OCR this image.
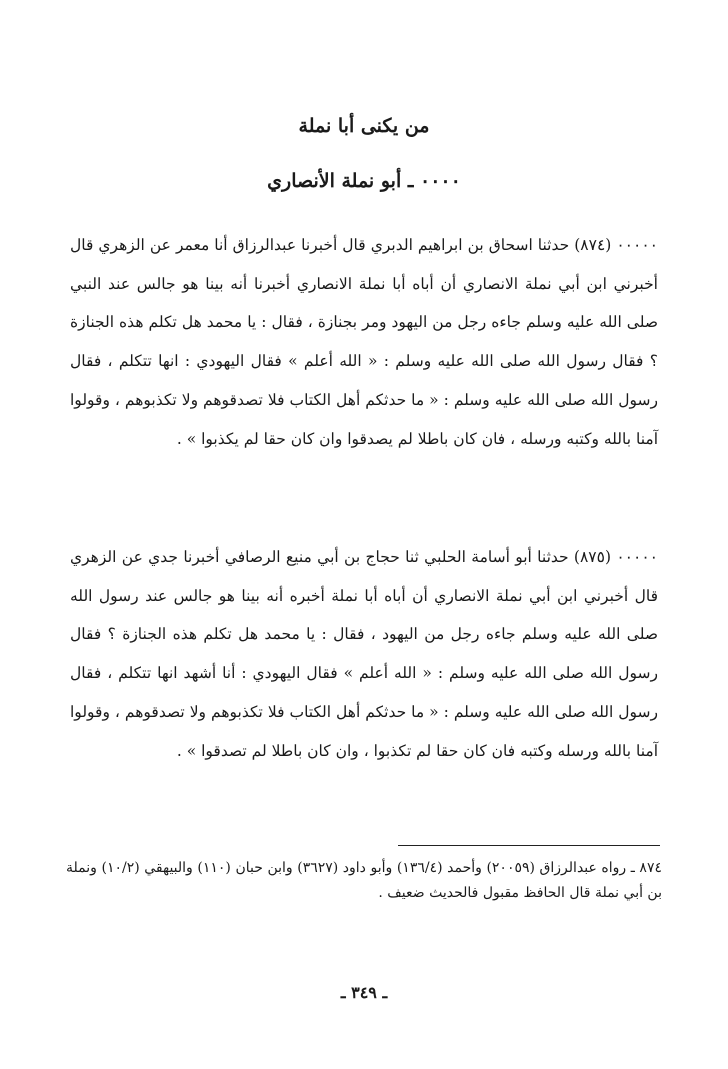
من يكنى أبا نملة
٠٠٠٠ ـ أبو نملة الأنصاري

٠٠٠٠٠ (٨٧٤) حدثنا اسحاق بن ابراهيم الدبري قال أخبرنا عبدالرزاق أنا معمر عن الزهري قال أخبرني ابن أبي نملة الانصاري أن أباه أبا نملة الانصاري أخبرنا أنه بينا هو جالس عند النبي صلى الله عليه وسلم جاءه رجل من اليهود ومر بجنازة ، فقال : يا محمد هل تكلم هذه الجنازة ؟ فقال رسول الله صلى الله عليه وسلم : « الله أعلم » فقال اليهودي : انها تتكلم ، فقال رسول الله صلى الله عليه وسلم : « ما حدثكم أهل الكتاب فلا تصدقوهم ولا تكذبوهم ، وقولوا آمنا بالله وكتبه ورسله ، فان كان باطلا لم يصدقوا وان كان حقا لم يكذبوا » .

٠٠٠٠٠ (٨٧٥) حدثنا أبو أسامة الحلبي ثنا حجاج بن أبي منيع الرصافي أخبرنا جدي عن الزهري قال أخبرني ابن أبي نملة الانصاري أن أباه أبا نملة أخبره أنه بينا هو جالس عند رسول الله صلى الله عليه وسلم جاءه رجل من اليهود ، فقال : يا محمد هل تكلم هذه الجنازة ؟ فقال رسول الله صلى الله عليه وسلم : « الله أعلم » فقال اليهودي : أنا أشهد انها تتكلم ، فقال رسول الله صلى الله عليه وسلم : « ما حدثكم أهل الكتاب فلا تكذبوهم ولا تصدقوهم ، وقولوا آمنا بالله ورسله وكتبه فان كان حقا لم تكذبوا ، وان كان باطلا لم تصدقوا » .

٨٧٤ ـ رواه عبدالرزاق (٢٠٠٥٩) وأحمد (١٣٦/٤) وأبو داود (٣٦٢٧) وابن حبان (١١٠) والبيهقي (١٠/٢) ونملة بن أبي نملة قال الحافظ مقبول فالحديث ضعيف .

ـ ٣٤٩ ـ
